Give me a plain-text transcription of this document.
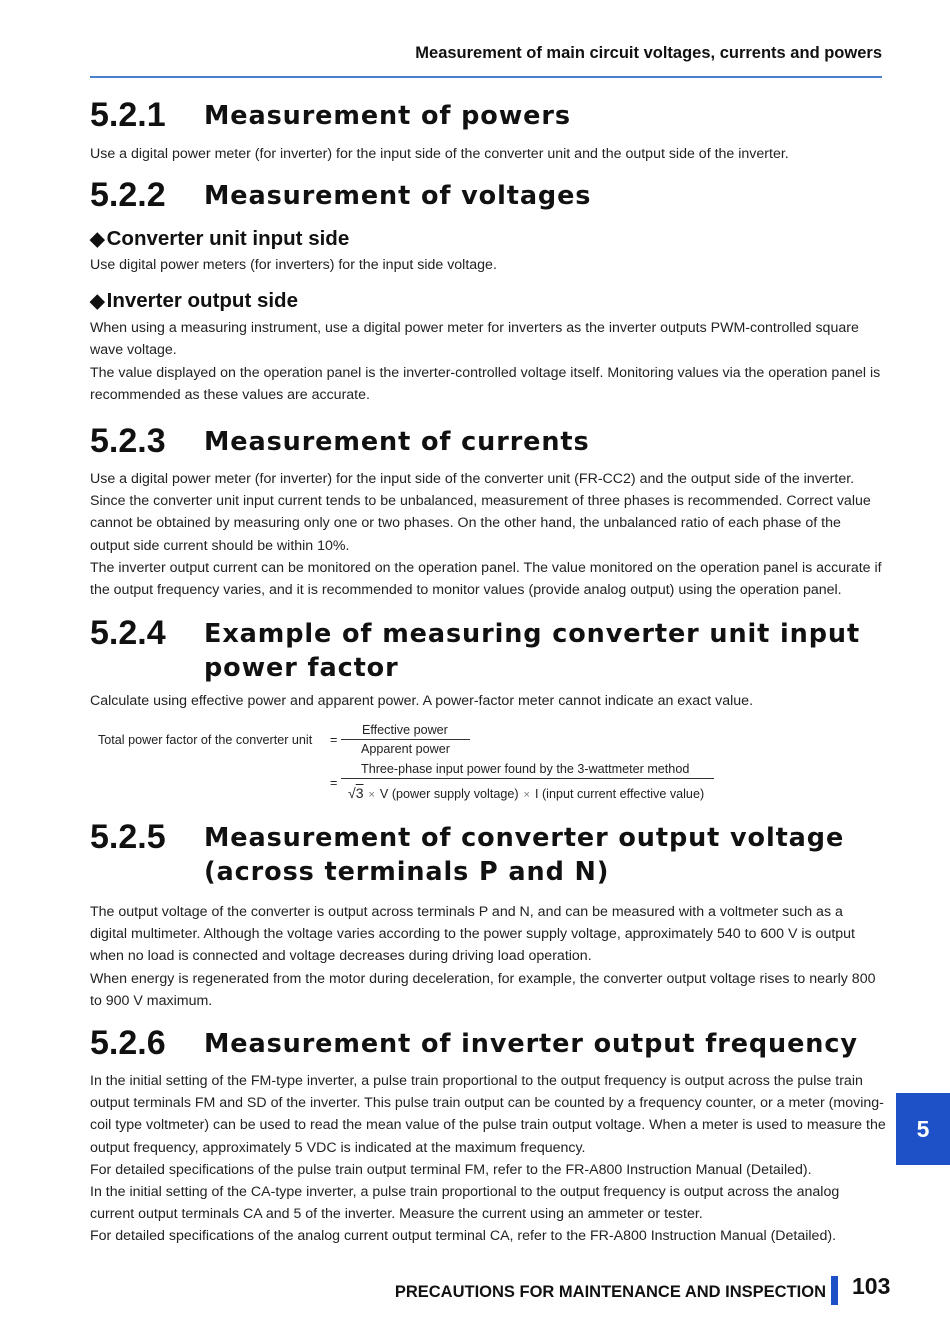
Measurement of main circuit voltages, currents and powers
5.2.1	Measurement of powers
Use a digital power meter (for inverter) for the input side of the converter unit and the output side of the inverter.
5.2.2	Measurement of voltages
◆Converter unit input side
Use digital power meters (for inverters) for the input side voltage.
◆Inverter output side
When using a measuring instrument, use a digital power meter for inverters as the inverter outputs PWM-controlled square wave voltage.
The value displayed on the operation panel is the inverter-controlled voltage itself. Monitoring values via the operation panel is recommended as these values are accurate.
5.2.3	Measurement of currents
Use a digital power meter (for inverter) for the input side of the converter unit (FR-CC2) and the output side of the inverter.
Since the converter unit input current tends to be unbalanced, measurement of three phases is recommended. Correct value cannot be obtained by measuring only one or two phases. On the other hand, the unbalanced ratio of each phase of the output side current should be within 10%.
The inverter output current can be monitored on the operation panel. The value monitored on the operation panel is accurate if the output frequency varies, and it is recommended to monitor values (provide analog output) using the operation panel.
5.2.4	Example of measuring converter unit input
power factor
Calculate using effective power and apparent power. A power-factor meter cannot indicate an exact value.
Total power factor of the converter unit =
Effective power
Apparent power
=
Three-phase input power found by the 3-wattmeter method
√3 × V (power supply voltage) × I (input current effective value)
5.2.5	Measurement of converter output voltage
(across terminals P and N)
The output voltage of the converter is output across terminals P and N, and can be measured with a voltmeter such as a digital multimeter. Although the voltage varies according to the power supply voltage, approximately 540 to 600 V is output when no load is connected and voltage decreases during driving load operation.
When energy is regenerated from the motor during deceleration, for example, the converter output voltage rises to nearly 800 to 900 V maximum.
5.2.6	Measurement of inverter output frequency
In the initial setting of the FM-type inverter, a pulse train proportional to the output frequency is output across the pulse train output terminals FM and SD of the inverter. This pulse train output can be counted by a frequency counter, or a meter (moving-coil type voltmeter) can be used to read the mean value of the pulse train output voltage. When a meter is used to measure the output frequency, approximately 5 VDC is indicated at the maximum frequency.
For detailed specifications of the pulse train output terminal FM, refer to the FR-A800 Instruction Manual (Detailed).
In the initial setting of the CA-type inverter, a pulse train proportional to the output frequency is output across the analog current output terminals CA and 5 of the inverter. Measure the current using an ammeter or tester.
For detailed specifications of the analog current output terminal CA, refer to the FR-A800 Instruction Manual (Detailed).
5
PRECAUTIONS FOR MAINTENANCE AND INSPECTION 103
